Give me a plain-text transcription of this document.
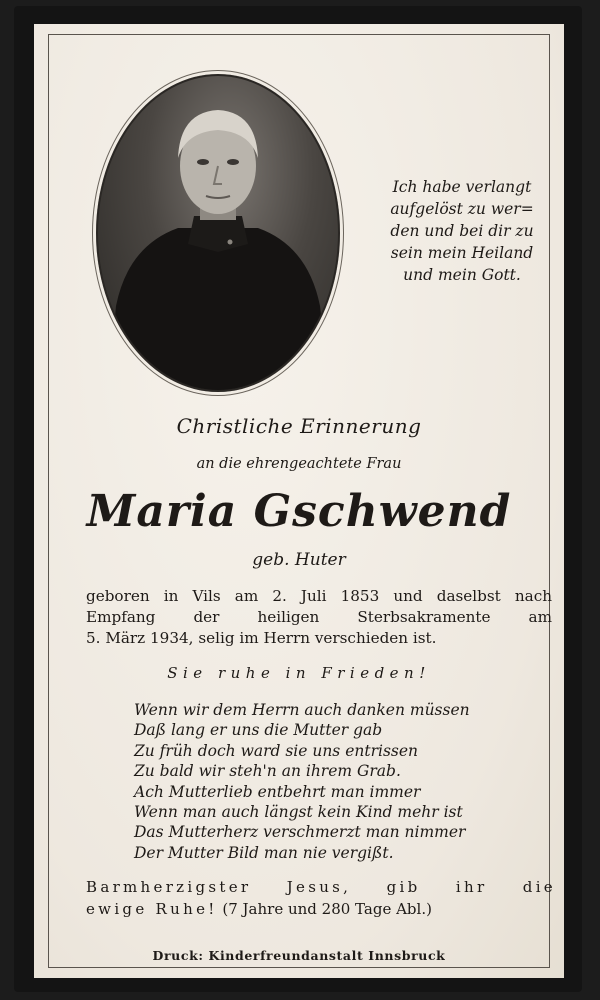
Ich habe verlangt
aufgelöst zu wer=
den und bei dir zu
sein mein Heiland
und mein Gott.
Christliche Erinnerung
an die ehrengeachtete Frau
Maria Gschwend
geb. Huter
geboren in Vils am 2. Juli 1853 und daselbst nach
Empfang der heiligen Sterbsakramente am
5. März 1934, selig im Herrn verschieden ist.
Sie ruhe in Frieden!
Wenn wir dem Herrn auch danken müssen
Daß lang er uns die Mutter gab
Zu früh doch ward sie uns entrissen
Zu bald wir steh'n an ihrem Grab.
Ach Mutterlieb entbehrt man immer
Wenn man auch längst kein Kind mehr ist
Das Mutterherz verschmerzt man nimmer
Der Mutter Bild man nie vergißt.
Barmherzigster Jesus, gib ihr die
ewige Ruhe! (7 Jahre und 280 Tage Abl.)
Druck: Kinderfreundanstalt Innsbruck
